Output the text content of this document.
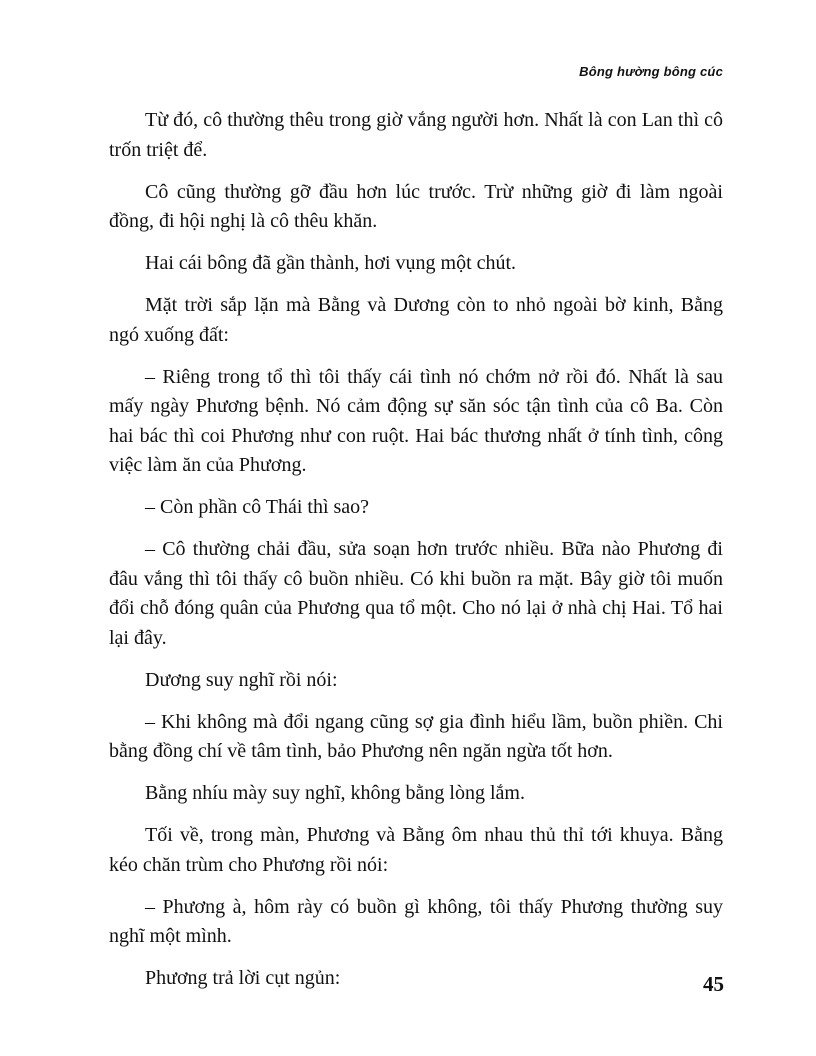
Bông hường bông cúc

Từ đó, cô thường thêu trong giờ vắng người hơn. Nhất là con Lan thì cô trốn triệt để.

Cô cũng thường gỡ đầu hơn lúc trước. Trừ những giờ đi làm ngoài đồng, đi hội nghị là cô thêu khăn.

Hai cái bông đã gần thành, hơi vụng một chút.

Mặt trời sắp lặn mà Bằng và Dương còn to nhỏ ngoài bờ kinh, Bằng ngó xuống đất:

– Riêng trong tổ thì tôi thấy cái tình nó chớm nở rồi đó. Nhất là sau mấy ngày Phương bệnh. Nó cảm động sự săn sóc tận tình của cô Ba. Còn hai bác thì coi Phương như con ruột. Hai bác thương nhất ở tính tình, công việc làm ăn của Phương.

– Còn phần cô Thái thì sao?

– Cô thường chải đầu, sửa soạn hơn trước nhiều. Bữa nào Phương đi đâu vắng thì tôi thấy cô buồn nhiều. Có khi buồn ra mặt. Bây giờ tôi muốn đổi chỗ đóng quân của Phương qua tổ một. Cho nó lại ở nhà chị Hai. Tổ hai lại đây.

Dương suy nghĩ rồi nói:

– Khi không mà đổi ngang cũng sợ gia đình hiểu lầm, buồn phiền. Chi bằng đồng chí về tâm tình, bảo Phương nên ngăn ngừa tốt hơn.

Bằng nhíu mày suy nghĩ, không bằng lòng lắm.

Tối về, trong màn, Phương và Bằng ôm nhau thủ thỉ tới khuya. Bằng kéo chăn trùm cho Phương rồi nói:

– Phương à, hôm rày có buồn gì không, tôi thấy Phương thường suy nghĩ một mình.

Phương trả lời cụt ngủn:	45
